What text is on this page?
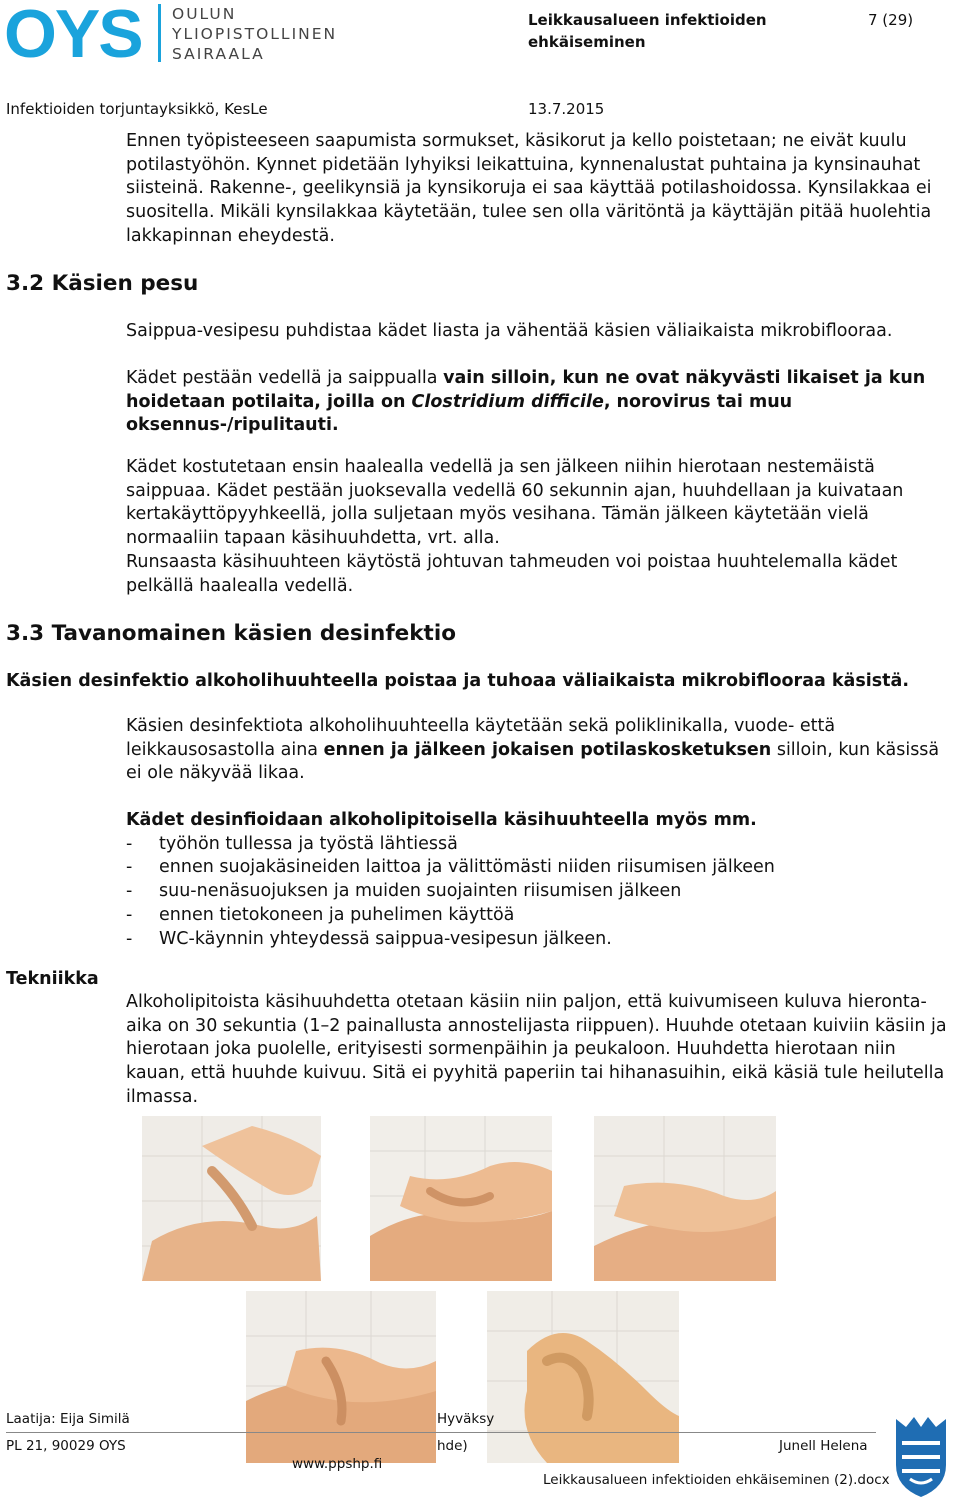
OYS OULUN
YLIOPISTOLLINEN
SAIRAALA
Leikkausalueen infektioiden ehkäiseminen
7 (29)
Infektioiden torjuntayksikkö, KesLe	13.7.2015
Ennen työpisteeseen saapumista sormukset, käsikorut ja kello poistetaan; ne eivät kuulu potilastyöhön. Kynnet pidetään lyhyiksi leikattuina, kynnenalustat puhtaina ja kynsinauhat siisteinä. Rakenne-, geelikynsiä ja kynsikoruja ei saa käyttää potilashoidossa. Kynsilakkaa ei suositella. Mikäli kynsilakkaa käytetään, tulee sen olla väritöntä ja käyttäjän pitää huolehtia lakkapinnan eheydestä.
3.2 Käsien pesu
Saippua-vesipesu puhdistaa kädet liasta ja vähentää käsien väliaikaista mikrobiflooraa.
Kädet pestään vedellä ja saippualla vain silloin, kun ne ovat näkyvästi likaiset ja kun hoidetaan potilaita, joilla on Clostridium difficile, norovirus tai muu oksennus-/ripulitauti.
Kädet kostutetaan ensin haalealla vedellä ja sen jälkeen niihin hierotaan nestemäistä saippuaa. Kädet pestään juoksevalla vedellä 60 sekunnin ajan, huuhdellaan ja kuivataan kertakäyttöpyyhkeellä, jolla suljetaan myös vesihana. Tämän jälkeen käytetään vielä normaaliin tapaan käsihuuhdetta, vrt. alla.
Runsaasta käsihuuhteen käytöstä johtuvan tahmeuden voi poistaa huuhtelemalla kädet pelkällä haalealla vedellä.
3.3 Tavanomainen käsien desinfektio
Käsien desinfektio alkoholihuuhteella poistaa ja tuhoaa väliaikaista mikrobiflooraa käsistä.
Käsien desinfektiota alkoholihuuhteella käytetään sekä poliklinikalla, vuode- että leikkausosastolla aina ennen ja jälkeen jokaisen potilaskosketuksen silloin, kun käsissä ei ole näkyvää likaa.
Kädet desinfioidaan alkoholipitoisella käsihuuhteella myös mm.
- työhön tullessa ja työstä lähtiessä
- ennen suojakäsineiden laittoa ja välittömästi niiden riisumisen jälkeen
- suu-nenäsuojuksen ja muiden suojainten riisumisen jälkeen
- ennen tietokoneen ja puhelimen käyttöä
- WC-käynnin yhteydessä saippua-vesipesun jälkeen.
Tekniikka
Alkoholipitoista käsihuuhdetta otetaan käsiin niin paljon, että kuivumiseen kuluva hieronta-aika on 30 sekuntia (1–2 painallusta annostelijasta riippuen). Huuhde otetaan kuiviin käsiin ja hierotaan joka puolelle, erityisesti sormenpäihin ja peukaloon. Huuhdetta hierotaan niin kauan, että huuhde kuivuu. Sitä ei pyyhitä paperiin tai hihanasuihin, eikä käsiä tule heilutella ilmassa.
Laatija: Eija Similä	Hyväksy
PL 21, 90029 OYS	hde)	Junell Helena
www.ppshp.fi
Leikkausalueen infektioiden ehkäiseminen (2).docx
